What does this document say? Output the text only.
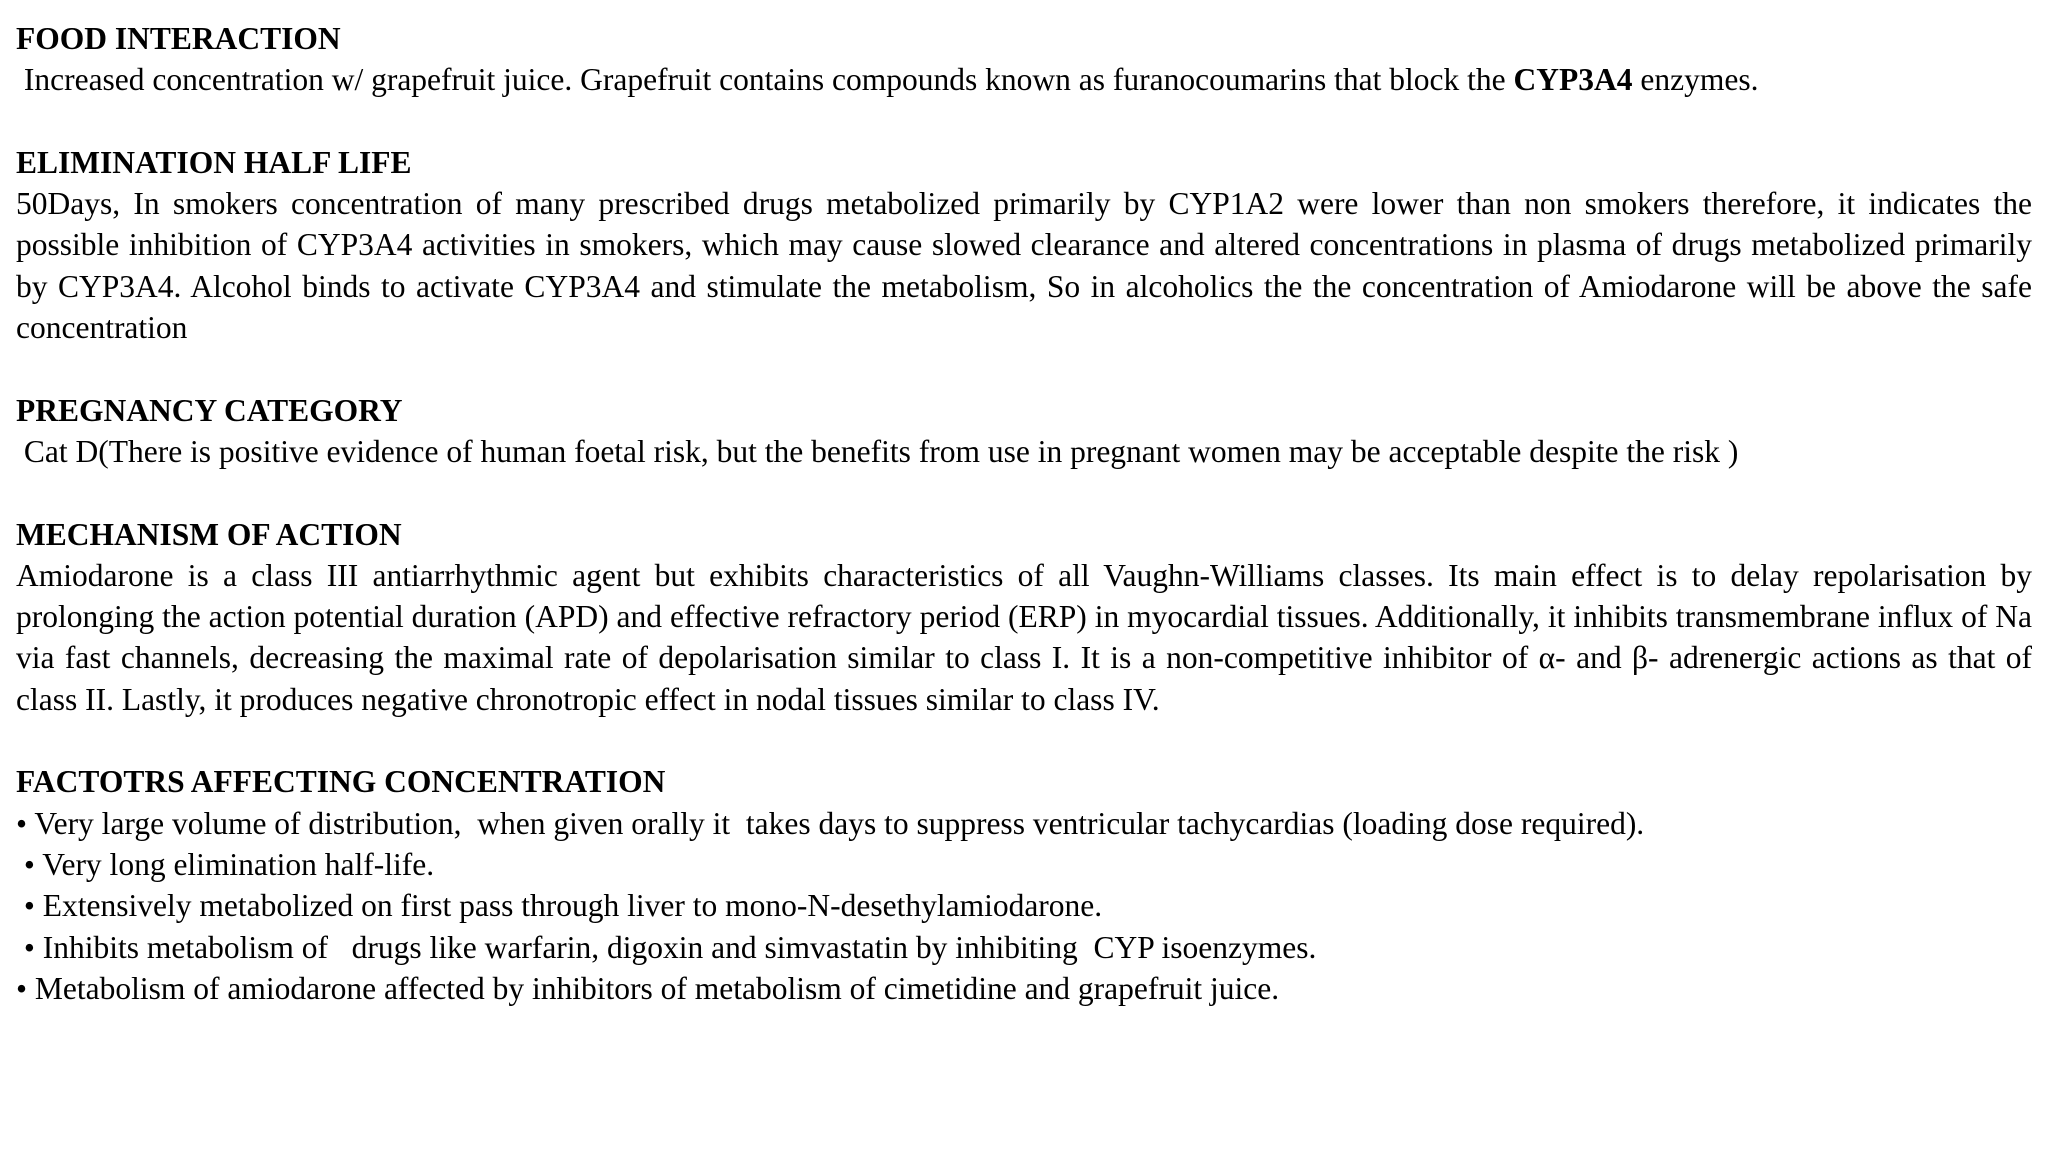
FOOD INTERACTION

Increased concentration w/ grapefruit juice. Grapefruit contains compounds known as furanocoumarins that block the CYP3A4 enzymes.

ELIMINATION HALF LIFE

50Days, In smokers concentration of many prescribed drugs metabolized primarily by CYP1A2 were lower than non smokers therefore, it indicates the possible inhibition of CYP3A4 activities in smokers, which may cause slowed clearance and altered concentrations in plasma of drugs metabolized primarily by CYP3A4. Alcohol binds to activate CYP3A4 and stimulate the metabolism, So in alcoholics the the concentration of Amiodarone will be above the safe concentration

PREGNANCY CATEGORY

Cat D(There is positive evidence of human foetal risk, but the benefits from use in pregnant women may be acceptable despite the risk )

MECHANISM OF ACTION

Amiodarone is a class III antiarrhythmic agent but exhibits characteristics of all Vaughn-Williams classes. Its main effect is to delay repolarisation by prolonging the action potential duration (APD) and effective refractory period (ERP) in myocardial tissues. Additionally, it inhibits transmembrane influx of Na via fast channels, decreasing the maximal rate of depolarisation similar to class I. It is a non-competitive inhibitor of α- and β- adrenergic actions as that of class II. Lastly, it produces negative chronotropic effect in nodal tissues similar to class IV.

FACTOTRS AFFECTING CONCENTRATION

• Very large volume of distribution,  when given orally it  takes days to suppress ventricular tachycardias (loading dose required).

• Very long elimination half-life.

• Extensively metabolized on first pass through liver to mono-N-desethylamiodarone.

• Inhibits metabolism of   drugs like warfarin, digoxin and simvastatin by inhibiting  CYP isoenzymes.

• Metabolism of amiodarone affected by inhibitors of metabolism of cimetidine and grapefruit juice.
